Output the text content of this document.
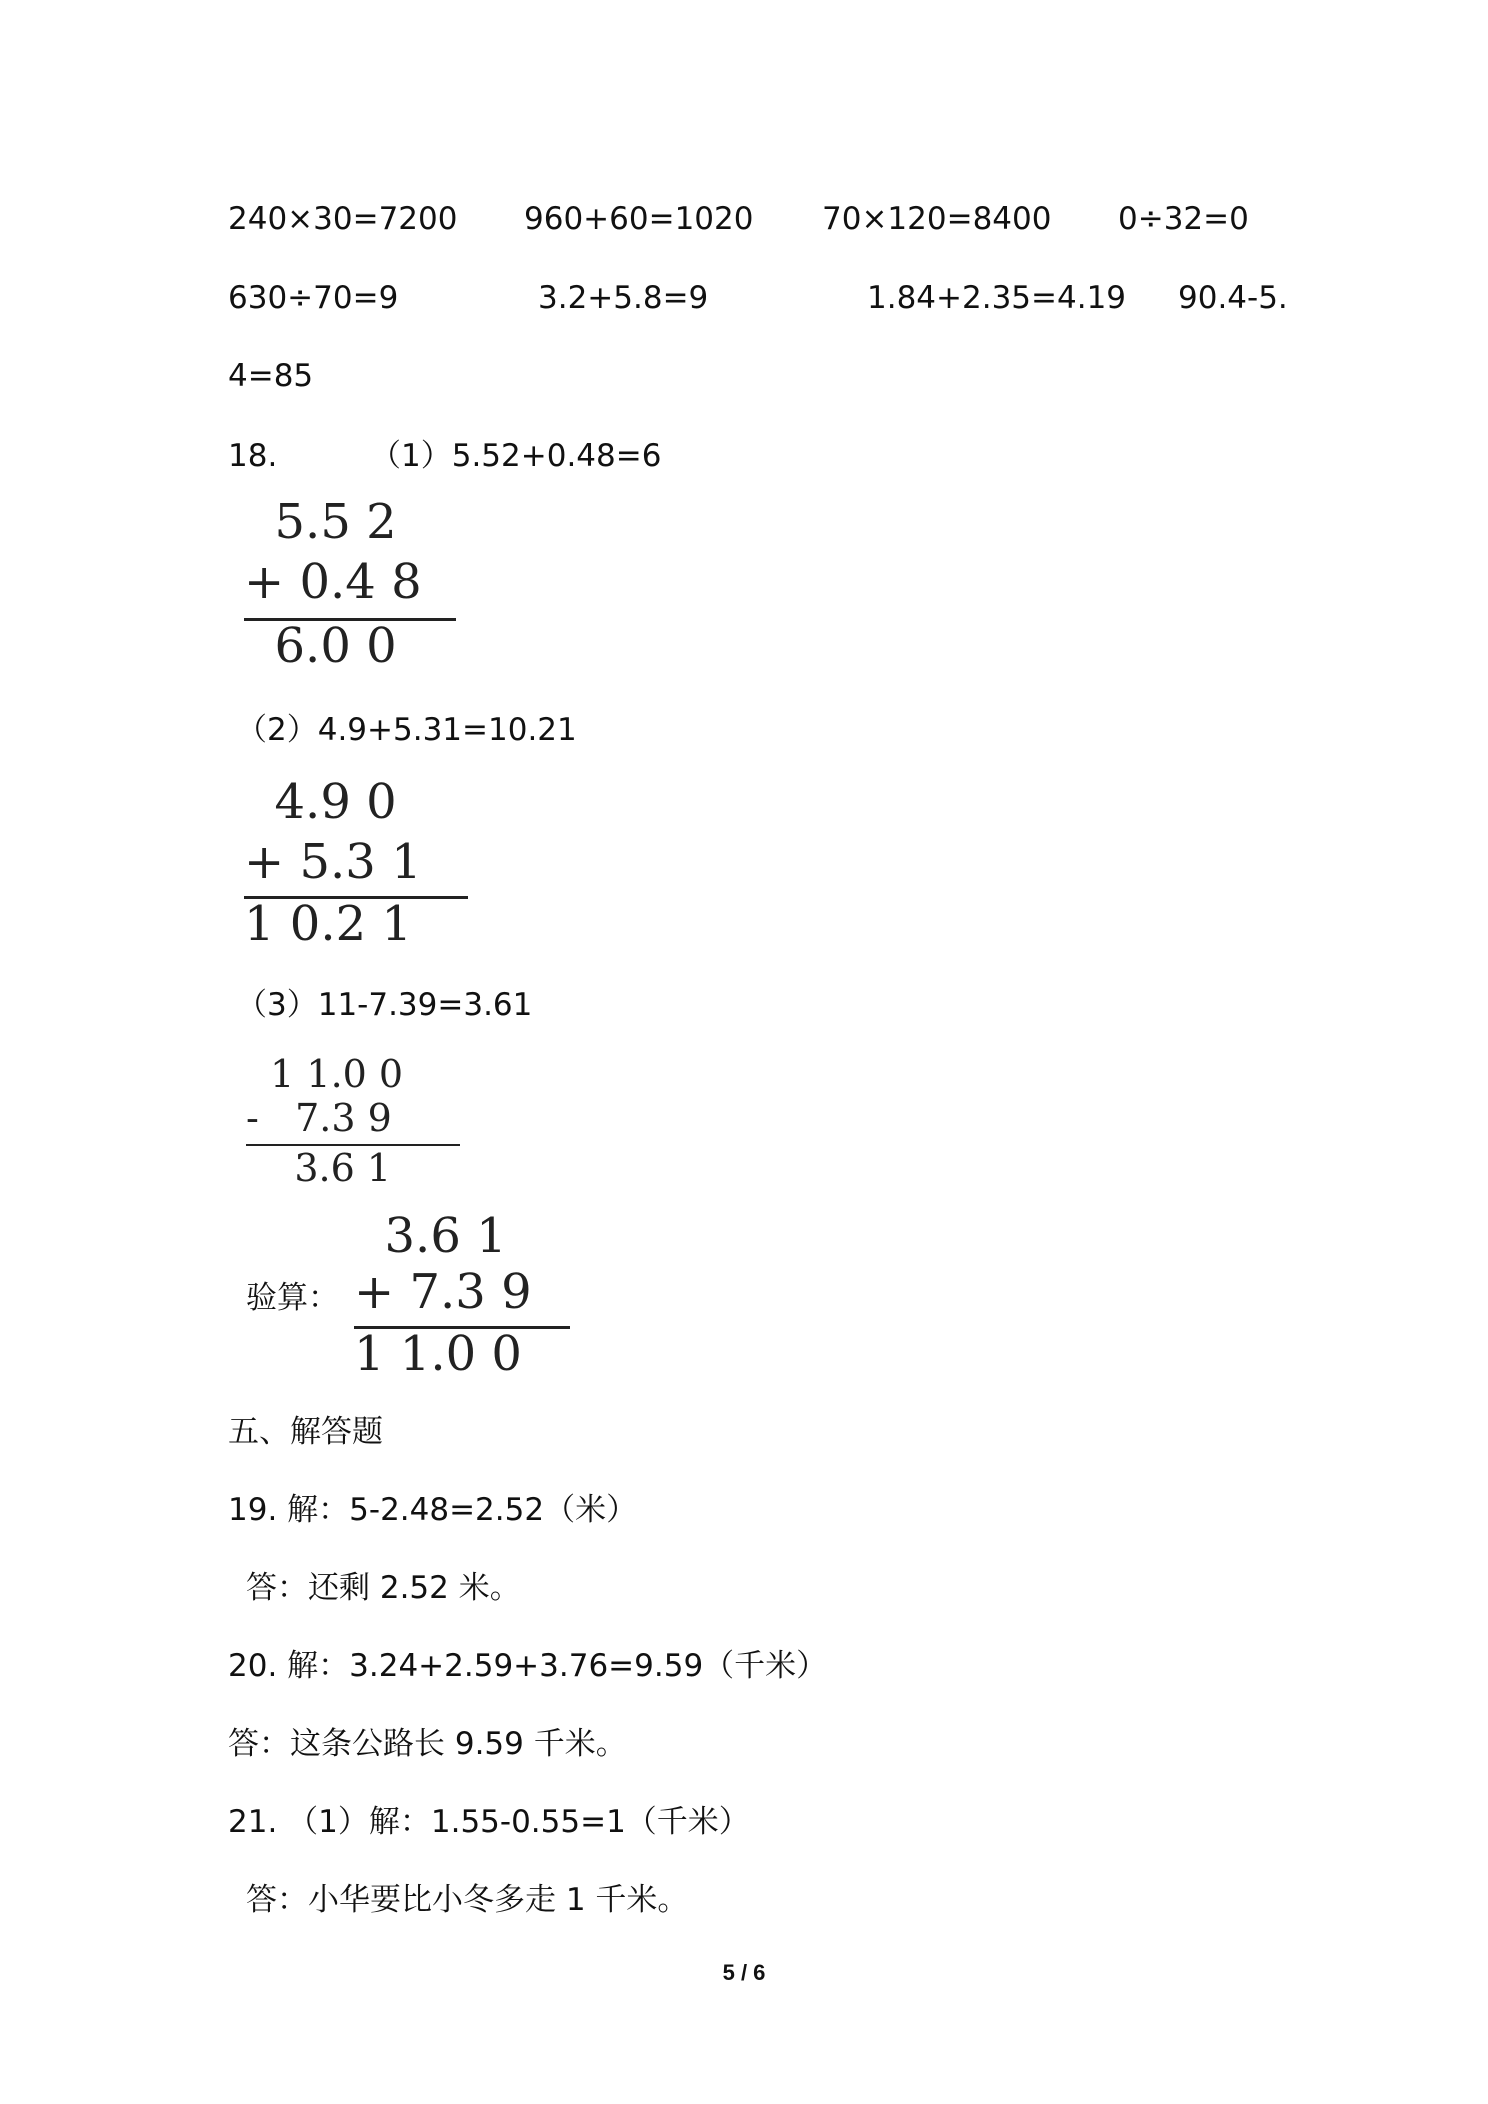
240×30=7200 960+60=1020 70×120=8400 0÷32=0
630÷70=9	3.2+5.8=9	1.84+2.35=4.19 90.4-5.
4=85
18.	（1）5.52+0.48=6
5.5 2
+ 0.4 8
6.0 0
（2）4.9+5.31=10.21
4.9 0
+ 5.3 1
1 0.2 1
（3）11-7.39=3.61
1 1.0 0
-   7.3 9
3.6 1
验算：
3.6 1
+ 7.3 9
1 1.0 0
五、解答题
19. 解：5-2.48=2.52（米）
答：还剩 2.52 米。
20. 解：3.24+2.59+3.76=9.59（千米）
答：这条公路长 9.59 千米。
21. （1）解：1.55-0.55=1（千米）
答：小华要比小冬多走 1 千米。
5 / 6
